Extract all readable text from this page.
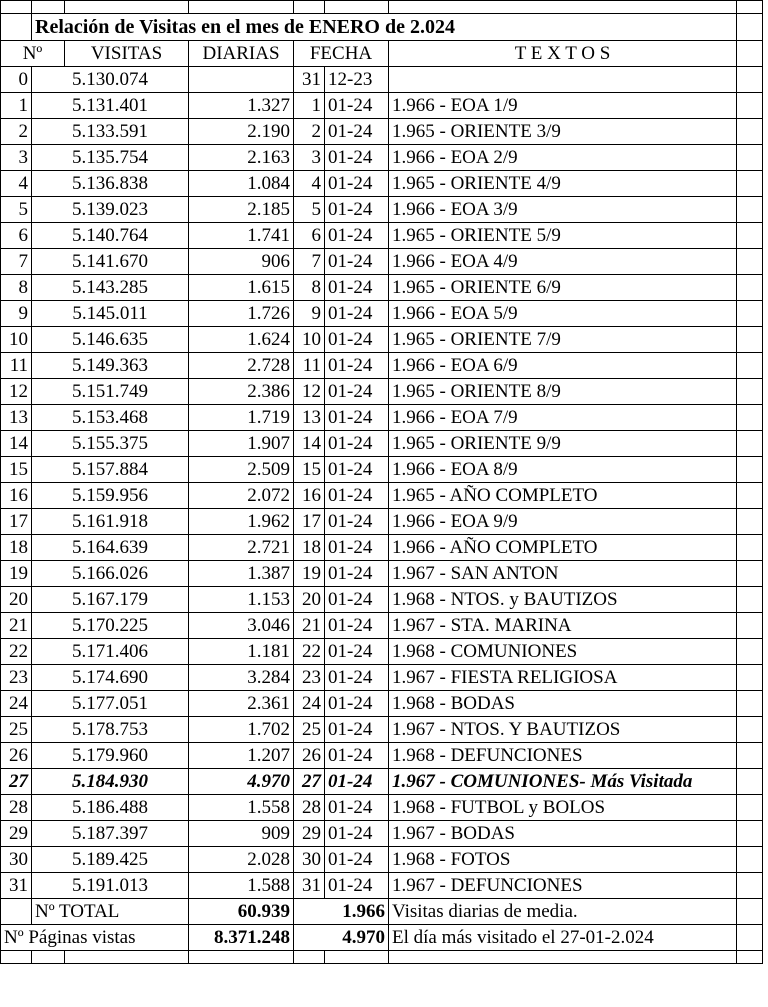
	Relación de Visitas en el mes de ENERO de 2.024						
Nº		VISITAS	DIARIAS	FECHA		T E X T O S	
0	5.130.074			31	12-23		
1	5.131.401		1.327	1	01-24	1.966 - EOA 1/9	
2	5.133.591		2.190	2	01-24	1.965 - ORIENTE 3/9	
3	5.135.754		2.163	3	01-24	1.966 - EOA 2/9	
4	5.136.838		1.084	4	01-24	1.965 - ORIENTE 4/9	
5	5.139.023		2.185	5	01-24	1.966 - EOA 3/9	
6	5.140.764		1.741	6	01-24	1.965 - ORIENTE 5/9	
7	5.141.670		906	7	01-24	1.966 - EOA 4/9	
8	5.143.285		1.615	8	01-24	1.965 - ORIENTE 6/9	
9	5.145.011		1.726	9	01-24	1.966 - EOA 5/9	
10	5.146.635		1.624	10	01-24	1.965 - ORIENTE 7/9	
11	5.149.363		2.728	11	01-24	1.966 - EOA 6/9	
12	5.151.749		2.386	12	01-24	1.965 - ORIENTE 8/9	
13	5.153.468		1.719	13	01-24	1.966 - EOA 7/9	
14	5.155.375		1.907	14	01-24	1.965 - ORIENTE 9/9	
15	5.157.884		2.509	15	01-24	1.966 - EOA 8/9	
16	5.159.956		2.072	16	01-24	1.965 - AÑO COMPLETO	
17	5.161.918		1.962	17	01-24	1.966 - EOA 9/9	
18	5.164.639		2.721	18	01-24	1.966 - AÑO COMPLETO	
19	5.166.026		1.387	19	01-24	1.967 - SAN ANTON	
20	5.167.179		1.153	20	01-24	1.968 - NTOS. y BAUTIZOS	
21	5.170.225		3.046	21	01-24	1.967 - STA. MARINA	
22	5.171.406		1.181	22	01-24	1.968 - COMUNIONES	
23	5.174.690		3.284	23	01-24	1.967 - FIESTA RELIGIOSA	
24	5.177.051		2.361	24	01-24	1.968 - BODAS	
25	5.178.753		1.702	25	01-24	1.967 - NTOS. Y BAUTIZOS	
26	5.179.960		1.207	26	01-24	1.968 - DEFUNCIONES	
27	5.184.930		4.970	27	01-24	1.967 - COMUNIONES- Más Visitada	
28	5.186.488		1.558	28	01-24	1.968 - FUTBOL y BOLOS	
29	5.187.397		909	29	01-24	1.967 - BODAS	
30	5.189.425		2.028	30	01-24	1.968 - FOTOS	
31	5.191.013		1.588	31	01-24	1.967 - DEFUNCIONES	
	Nº TOTAL		60.939	1.966		Visitas diarias de media.	
Nº Páginas vistas			8.371.248	4.970		El día más visitado el 27-01-2.024	
